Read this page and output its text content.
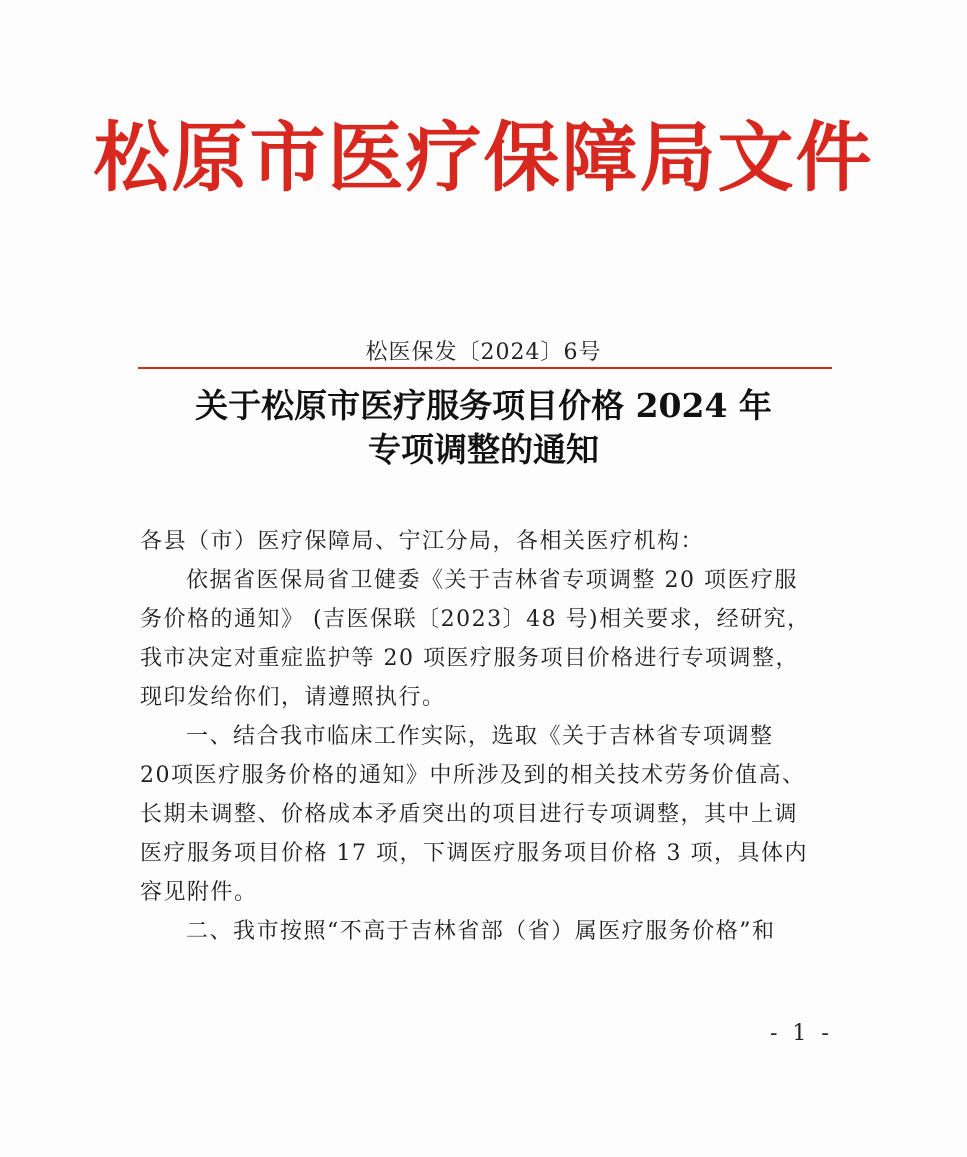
松原市医疗保障局文件
松医保发〔2024〕6号
关于松原市医疗服务项目价格 2024 年
专项调整的通知
各县（市）医疗保障局、宁江分局，各相关医疗机构：
依据省医保局省卫健委《关于吉林省专项调整 20 项医疗服
务价格的通知》 (吉医保联〔2023〕48 号)相关要求，经研究，
我市决定对重症监护等 20 项医疗服务项目价格进行专项调整，
现印发给你们，请遵照执行。
一、结合我市临床工作实际，选取《关于吉林省专项调整
20项医疗服务价格的通知》中所涉及到的相关技术劳务价值高、
长期未调整、价格成本矛盾突出的项目进行专项调整，其中上调
医疗服务项目价格 17 项，下调医疗服务项目价格 3 项，具体内
容见附件。
二、我市按照“不高于吉林省部（省）属医疗服务价格”和
- 1 -
